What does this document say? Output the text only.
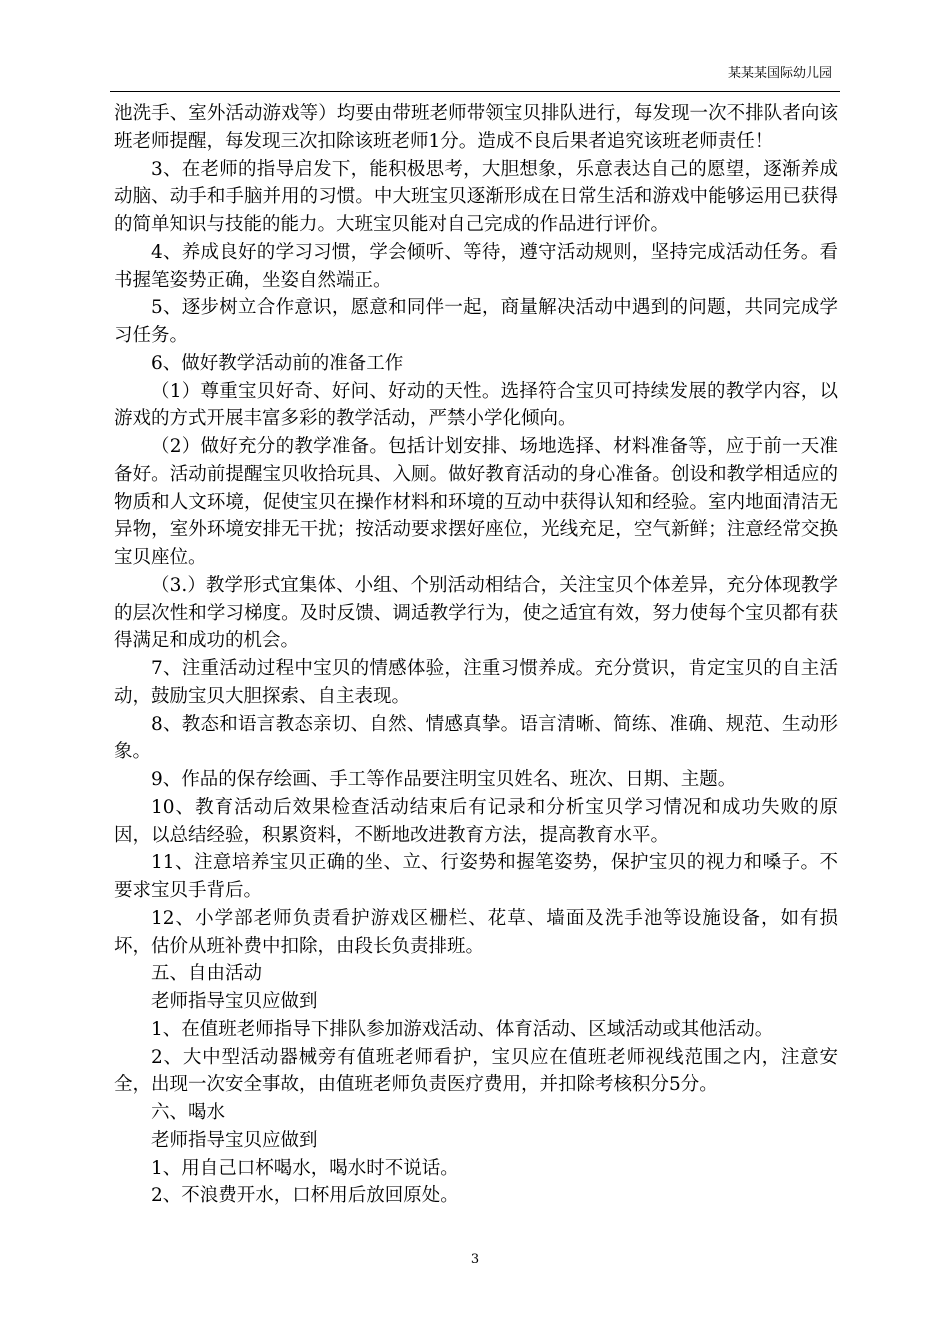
某某某国际幼儿园

池洗手、室外活动游戏等）均要由带班老师带领宝贝排队进行，每发现一次不排队者向该班老师提醒，每发现三次扣除该班老师1分。造成不良后果者追究该班老师责任！

3、在老师的指导启发下，能积极思考，大胆想象，乐意表达自己的愿望，逐渐养成动脑、动手和手脑并用的习惯。中大班宝贝逐渐形成在日常生活和游戏中能够运用已获得的简单知识与技能的能力。大班宝贝能对自己完成的作品进行评价。

4、养成良好的学习习惯，学会倾听、等待，遵守活动规则，坚持完成活动任务。看书握笔姿势正确，坐姿自然端正。

5、逐步树立合作意识，愿意和同伴一起，商量解决活动中遇到的问题，共同完成学习任务。

6、做好教学活动前的准备工作

（1）尊重宝贝好奇、好问、好动的天性。选择符合宝贝可持续发展的教学内容，以游戏的方式开展丰富多彩的教学活动，严禁小学化倾向。

（2）做好充分的教学准备。包括计划安排、场地选择、材料准备等，应于前一天准备好。活动前提醒宝贝收拾玩具、入厕。做好教育活动的身心准备。创设和教学相适应的物质和人文环境，促使宝贝在操作材料和环境的互动中获得认知和经验。室内地面清洁无异物，室外环境安排无干扰；按活动要求摆好座位，光线充足，空气新鲜；注意经常交换宝贝座位。

（3.）教学形式宜集体、小组、个别活动相结合，关注宝贝个体差异，充分体现教学的层次性和学习梯度。及时反馈、调适教学行为，使之适宜有效，努力使每个宝贝都有获得满足和成功的机会。

7、注重活动过程中宝贝的情感体验，注重习惯养成。充分赏识，肯定宝贝的自主活动，鼓励宝贝大胆探索、自主表现。

8、教态和语言教态亲切、自然、情感真挚。语言清晰、简练、准确、规范、生动形象。

9、作品的保存绘画、手工等作品要注明宝贝姓名、班次、日期、主题。

10、教育活动后效果检查活动结束后有记录和分析宝贝学习情况和成功失败的原因，以总结经验，积累资料，不断地改进教育方法，提高教育水平。

11、注意培养宝贝正确的坐、立、行姿势和握笔姿势，保护宝贝的视力和嗓子。不要求宝贝手背后。

12、小学部老师负责看护游戏区栅栏、花草、墙面及洗手池等设施设备，如有损坏，估价从班补费中扣除，由段长负责排班。

五、自由活动

老师指导宝贝应做到

1、在值班老师指导下排队参加游戏活动、体育活动、区域活动或其他活动。

2、大中型活动器械旁有值班老师看护，宝贝应在值班老师视线范围之内，注意安全，出现一次安全事故，由值班老师负责医疗费用，并扣除考核积分5分。

六、喝水

老师指导宝贝应做到

1、用自己口杯喝水，喝水时不说话。

2、不浪费开水，口杯用后放回原处。

3
